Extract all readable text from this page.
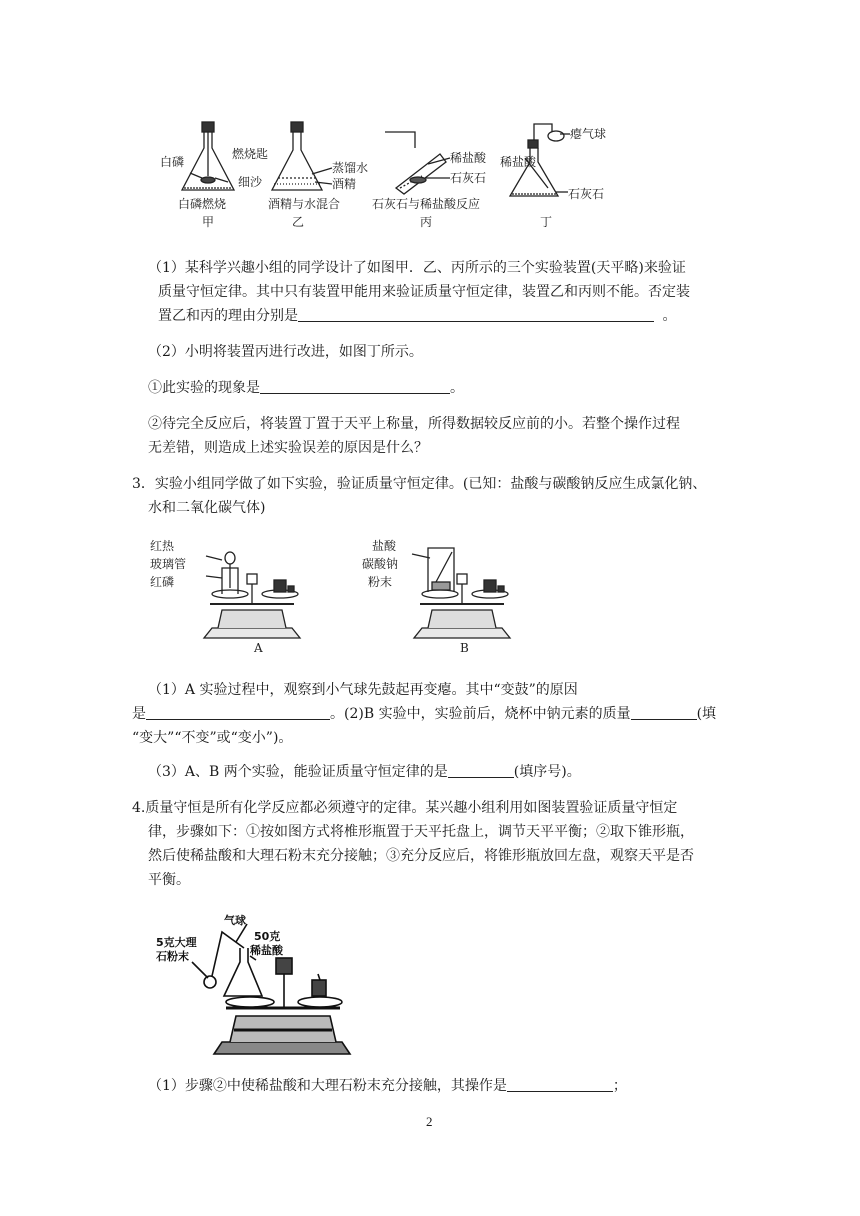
白磷
燃烧匙
细沙
白磷燃烧
甲
蒸馏水
酒精
酒精与水混合
乙
稀盐酸
石灰石
石灰石与稀盐酸反应
丙
瘪气球
稀盐酸
石灰石
丁
（1）某科学兴趣小组的同学设计了如图甲．乙、丙所示的三个实验装置(天平略)来验证
质量守恒定律。其中只有装置甲能用来验证质量守恒定律，装置乙和丙则不能。否定装
置乙和丙的理由分别是	。
（2）小明将装置丙进行改进，如图丁所示。
①此实验的现象是	。
②待完全反应后，将装置丁置于天平上称量，所得数据较反应前的小。若整个操作过程
无差错，则造成上述实验误差的原因是什么？
3．实验小组同学做了如下实验，验证质量守恒定律。(已知：盐酸与碳酸钠反应生成氯化钠、
水和二氧化碳气体)
红热
玻璃管
红磷
A
盐酸
碳酸钠
粉末
B
（1）A 实验过程中，观察到小气球先鼓起再变瘪。其中“变鼓”的原因
是	。(2)B 实验中，实验前后，烧杯中钠元素的质量	(填
“变大”“不变”或“变小”)。
（3）A、B 两个实验，能验证质量守恒定律的是	(填序号)。
4.质量守恒是所有化学反应都必须遵守的定律。某兴趣小组利用如图装置验证质量守恒定
律，步骤如下：①按如图方式将椎形瓶置于天平托盘上，调节天平平衡；②取下锥形瓶，
然后使稀盐酸和大理石粉末充分接触；③充分反应后，将锥形瓶放回左盘，观察天平是否
平衡。
气球
5克大理
石粉末
50克
稀盐酸
（1）步骤②中使稀盐酸和大理石粉末充分接触，其操作是	；
2
